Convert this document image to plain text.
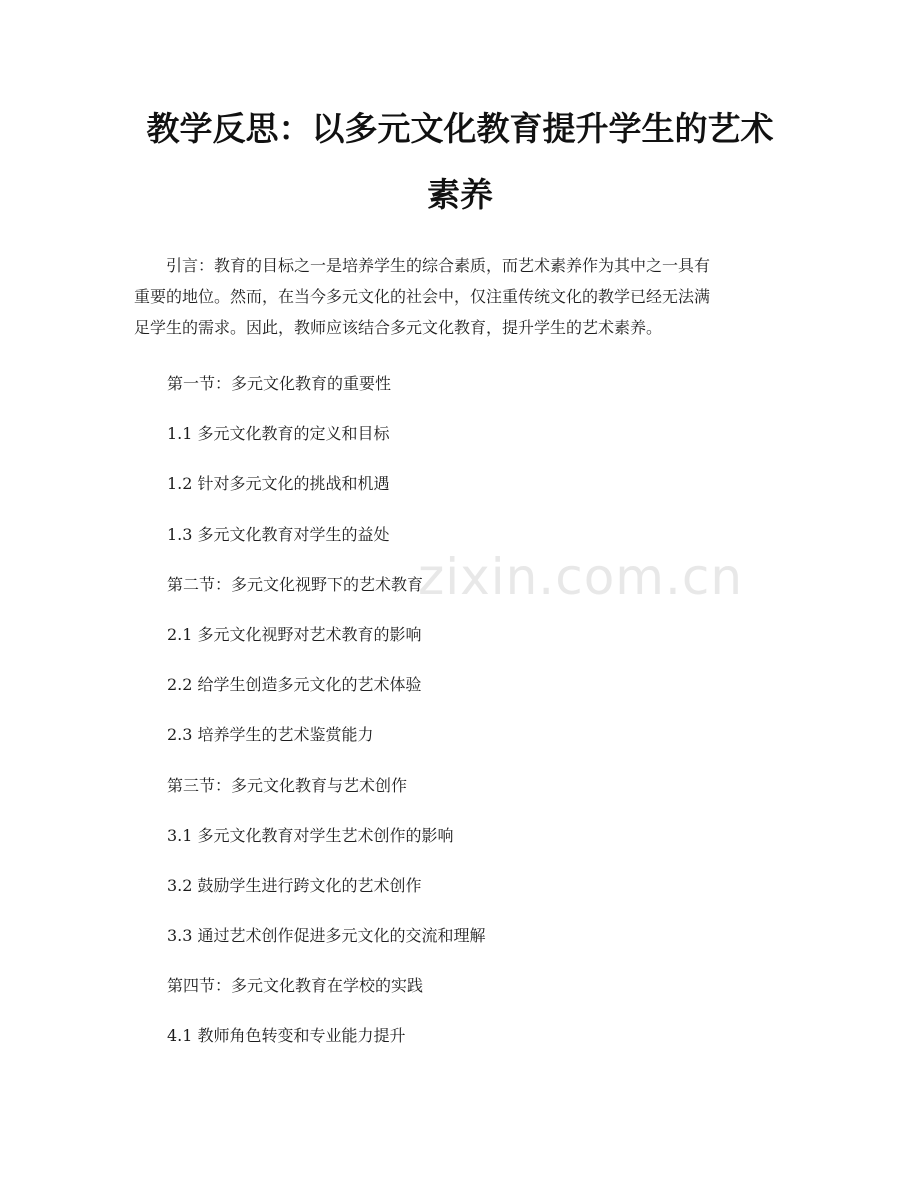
教学反思：以多元文化教育提升学生的艺术
素养
引言：教育的目标之一是培养学生的综合素质，而艺术素养作为其中之一具有
重要的地位。然而，在当今多元文化的社会中，仅注重传统文化的教学已经无法满
足学生的需求。因此，教师应该结合多元文化教育，提升学生的艺术素养。
第一节：多元文化教育的重要性
1.1 多元文化教育的定义和目标
1.2 针对多元文化的挑战和机遇
1.3 多元文化教育对学生的益处
第二节：多元文化视野下的艺术教育
2.1 多元文化视野对艺术教育的影响
2.2 给学生创造多元文化的艺术体验
2.3 培养学生的艺术鉴赏能力
第三节：多元文化教育与艺术创作
3.1 多元文化教育对学生艺术创作的影响
3.2 鼓励学生进行跨文化的艺术创作
3.3 通过艺术创作促进多元文化的交流和理解
第四节：多元文化教育在学校的实践
4.1 教师角色转变和专业能力提升
zixin.com.cn
